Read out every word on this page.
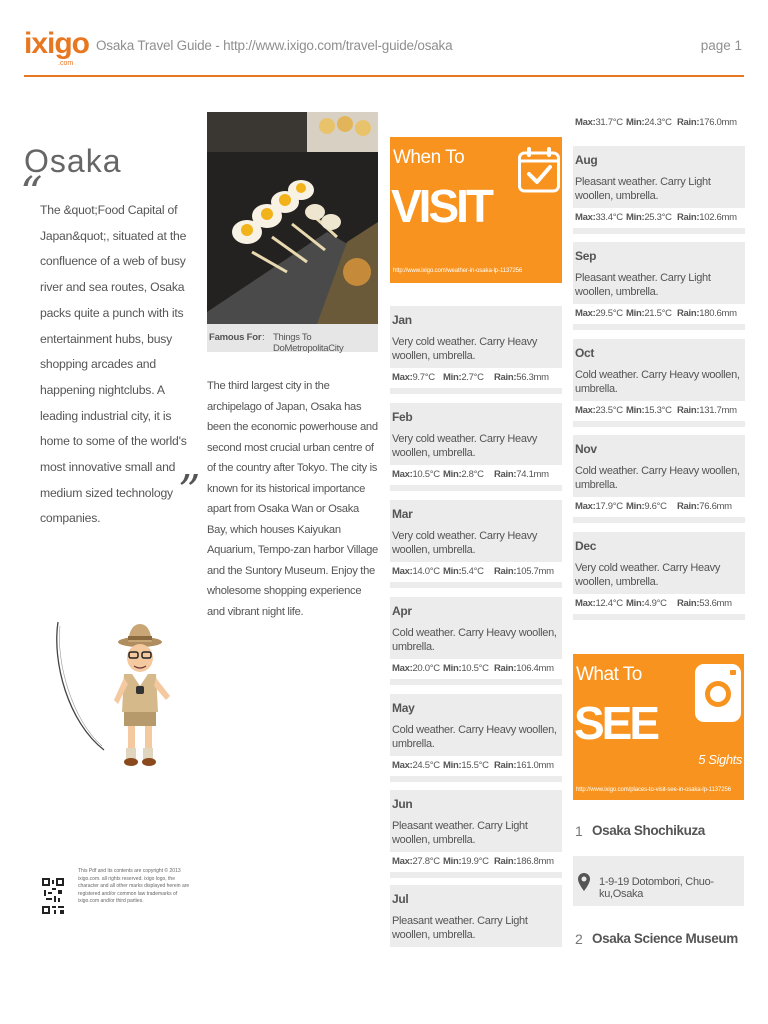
ixigo
.com
Osaka Travel Guide - http://www.ixigo.com/travel-guide/osaka	page 1
Osaka
“

The &quot;Food Capital of Japan&quot;, situated at the confluence of a web of busy river and sea routes, Osaka packs quite a punch with its entertainment hubs, busy shopping arcades and happening nightclubs. A leading industrial city, it is home to some of the world's most innovative small and medium sized technology companies.

”

This Pdf and its contents are copyright © 2013 ixigo.com. all rights reserved. ixigo logo, the character and all other marks displayed herein are registered and/or common law trademarks of ixigo.com and/or third parties.

Famous For : Things To DoMetropolitaCity

The third largest city in the archipelago of Japan, Osaka has been the economic powerhouse and second most crucial urban centre of of the country after Tokyo. The city is known for its historical importance apart from Osaka Wan or Osaka Bay, which houses Kaiyukan Aquarium, Tempo-zan harbor Village and the Suntory Museum. Enjoy the wholesome shopping experience and vibrant night life.

When To
VISIT
http://www.ixigo.com/weather-in-osaka-lp-1137256
Jan
Very cold weather. Carry Heavy woollen, umbrella.
Max:9.7°C Min:2.7°C Rain:56.3mm
Feb
Very cold weather. Carry Heavy woollen, umbrella.
Max:10.5°C Min:2.8°C Rain:74.1mm
Mar
Very cold weather. Carry Heavy woollen, umbrella.
Max:14.0°C Min:5.4°C Rain:105.7mm
Apr
Cold weather. Carry Heavy woollen, umbrella.
Max:20.0°C Min:10.5°C Rain:106.4mm
May
Cold weather. Carry Heavy woollen, umbrella.
Max:24.5°C Min:15.5°C Rain:161.0mm
Jun
Pleasant weather. Carry Light woollen, umbrella.
Max:27.8°C Min:19.9°C Rain:186.8mm
Jul
Pleasant weather. Carry Light woollen, umbrella.
Aug
Pleasant weather. Carry Light woollen, umbrella.
Max:33.4°C Min:25.3°C Rain:102.6mm
Sep
Pleasant weather. Carry Light woollen, umbrella.
Max:29.5°C Min:21.5°C Rain:180.6mm
Oct
Cold weather. Carry Heavy woollen, umbrella.
Max:23.5°C Min:15.3°C Rain:131.7mm
Nov
Cold weather. Carry Heavy woollen, umbrella.
Max:17.9°C Min:9.6°C Rain:76.6mm
Dec
Very cold weather. Carry Heavy woollen, umbrella.
Max:12.4°C Min:4.9°C Rain:53.6mm
Max:31.7°C Min:24.3°C Rain:176.0mm
What To
SEE
5 Sights
http://www.ixigo.com/places-to-visit-see-in-osaka-lp-1137256
1 Osaka Shochikuza
1-9-19 Dotombori, Chuo-ku,Osaka
2 Osaka Science Museum
